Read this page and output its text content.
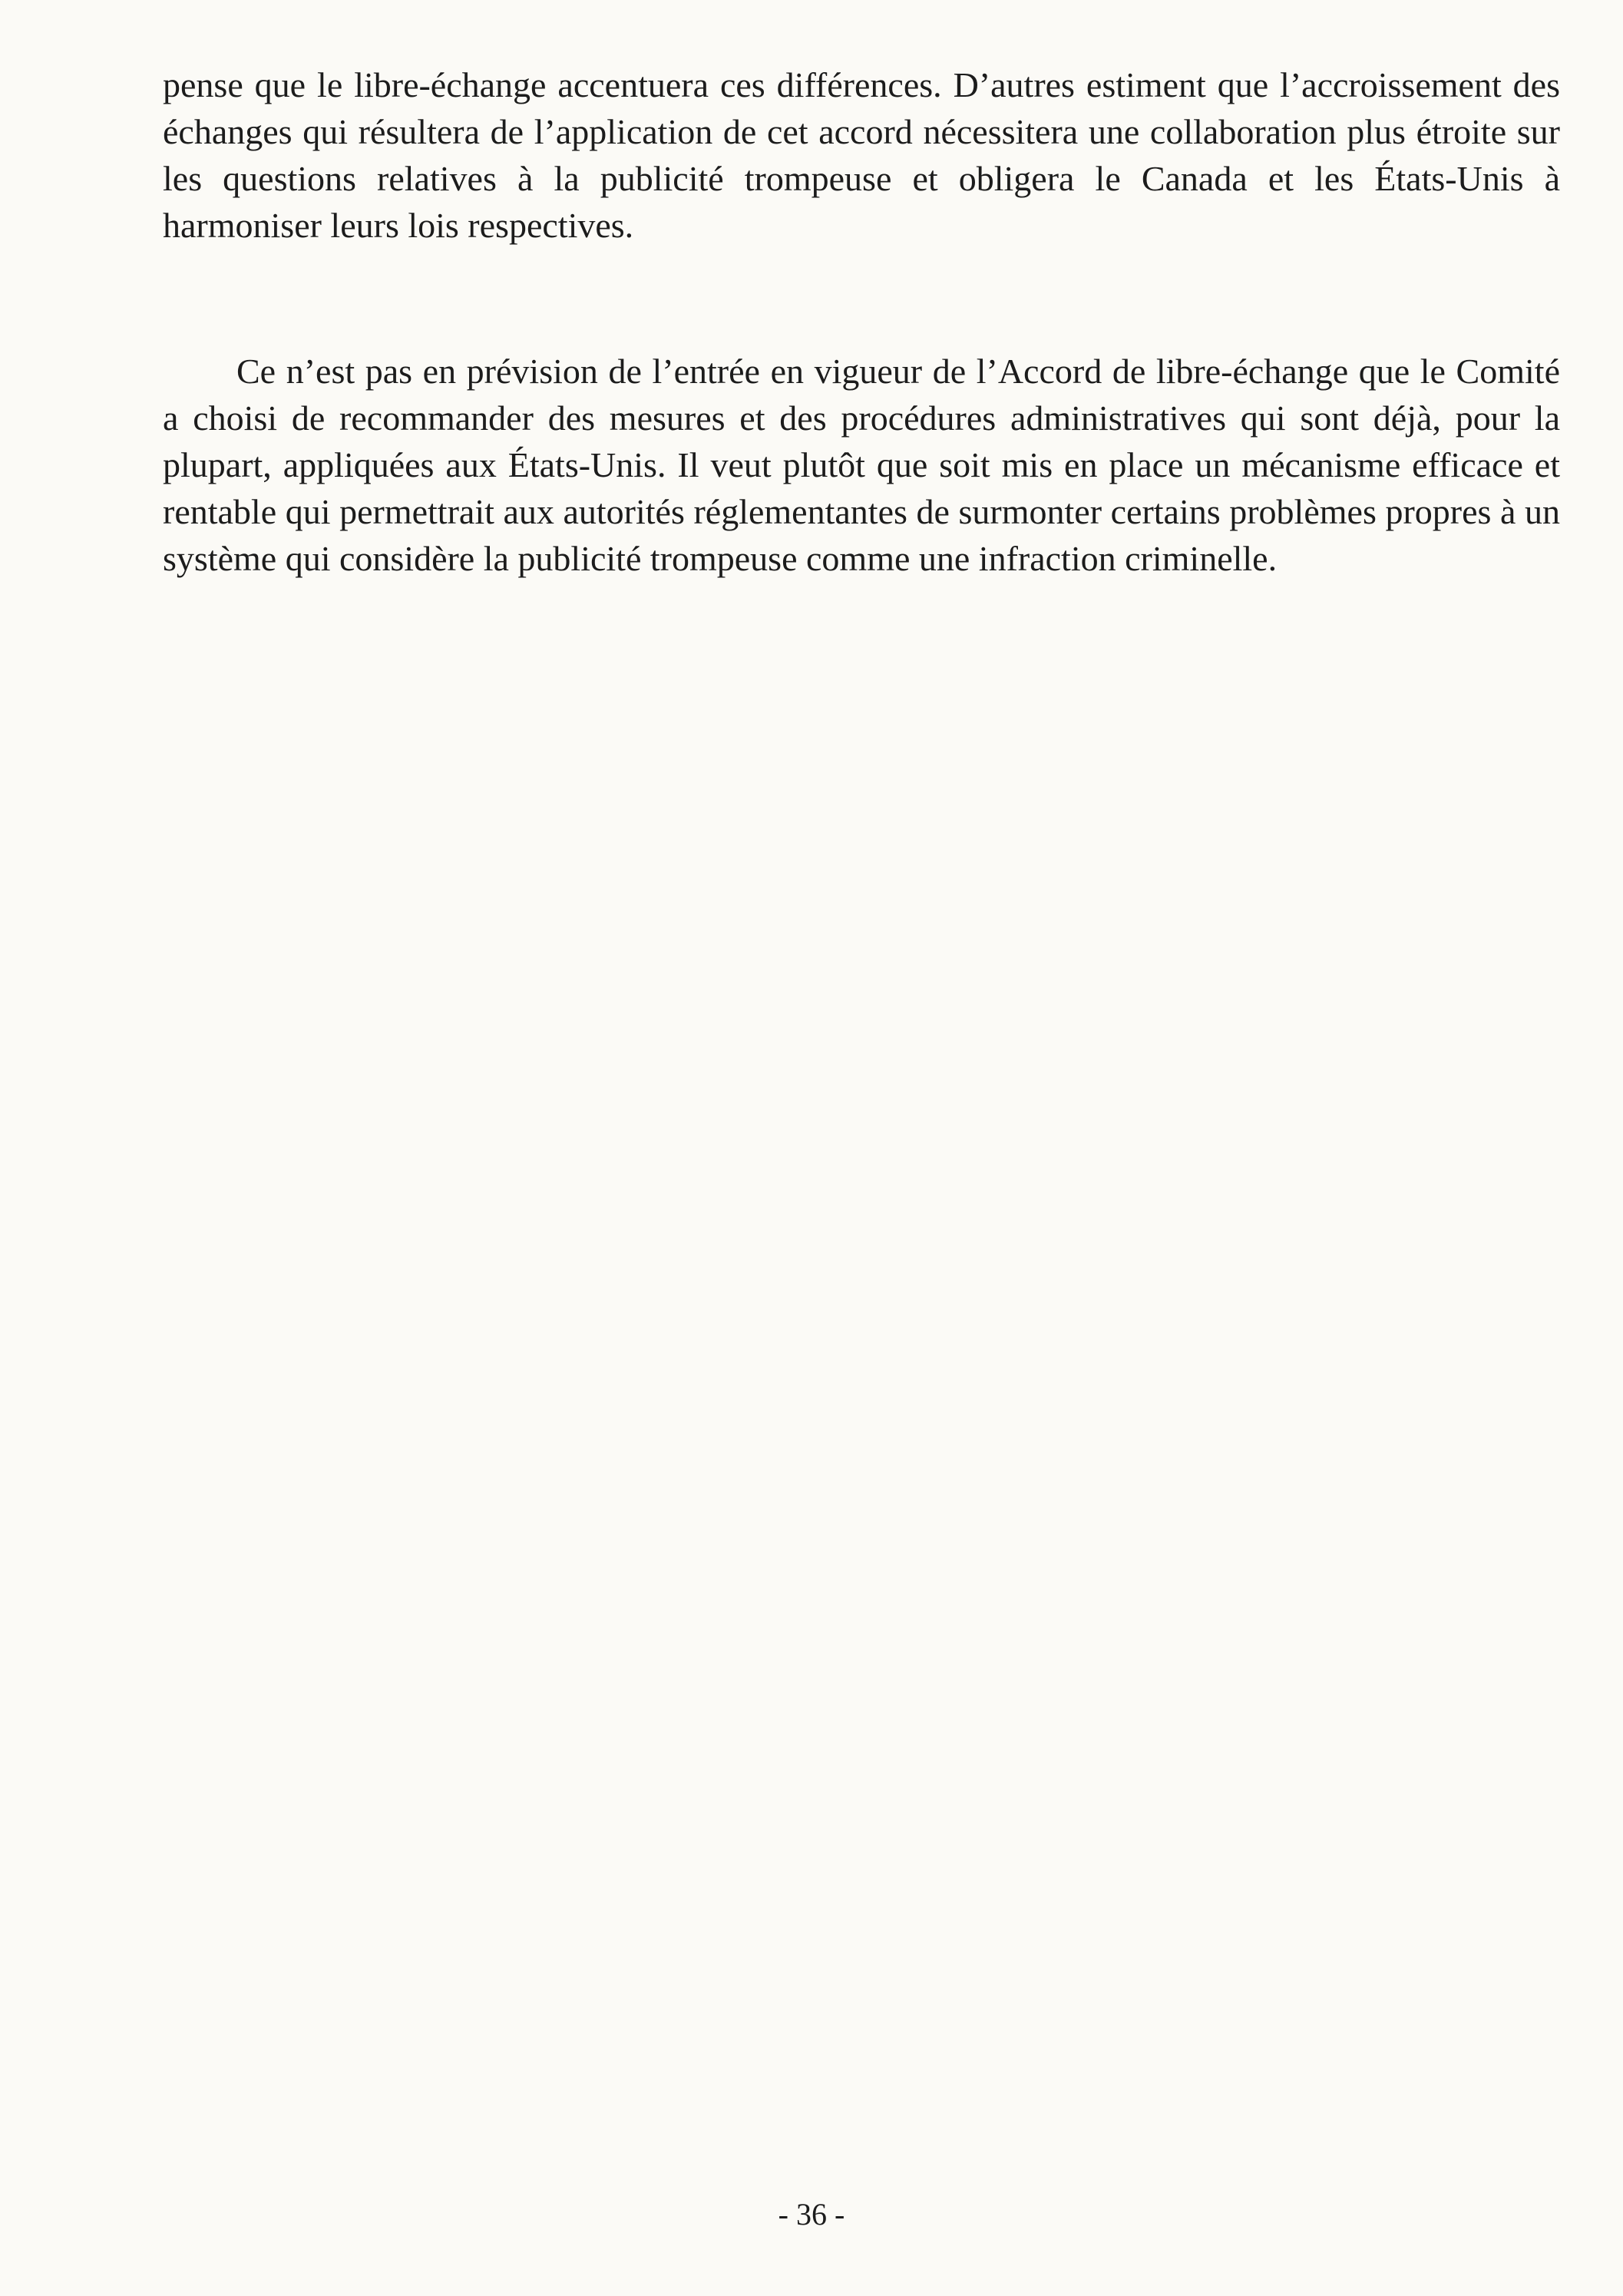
pense que le libre-échange accentuera ces différences. D’autres estiment que l’accroissement des échanges qui résultera de l’application de cet accord nécessitera une collaboration plus étroite sur les questions relatives à la publicité trompeuse et obligera le Canada et les États-Unis à harmoniser leurs lois respectives.

Ce n’est pas en prévision de l’entrée en vigueur de l’Accord de libre-échange que le Comité a choisi de recommander des mesures et des procédures administratives qui sont déjà, pour la plupart, appliquées aux États-Unis. Il veut plutôt que soit mis en place un mécanisme efficace et rentable qui permettrait aux autorités réglementantes de surmonter certains problèmes propres à un système qui considère la publicité trompeuse comme une infraction criminelle.

- 36 -
